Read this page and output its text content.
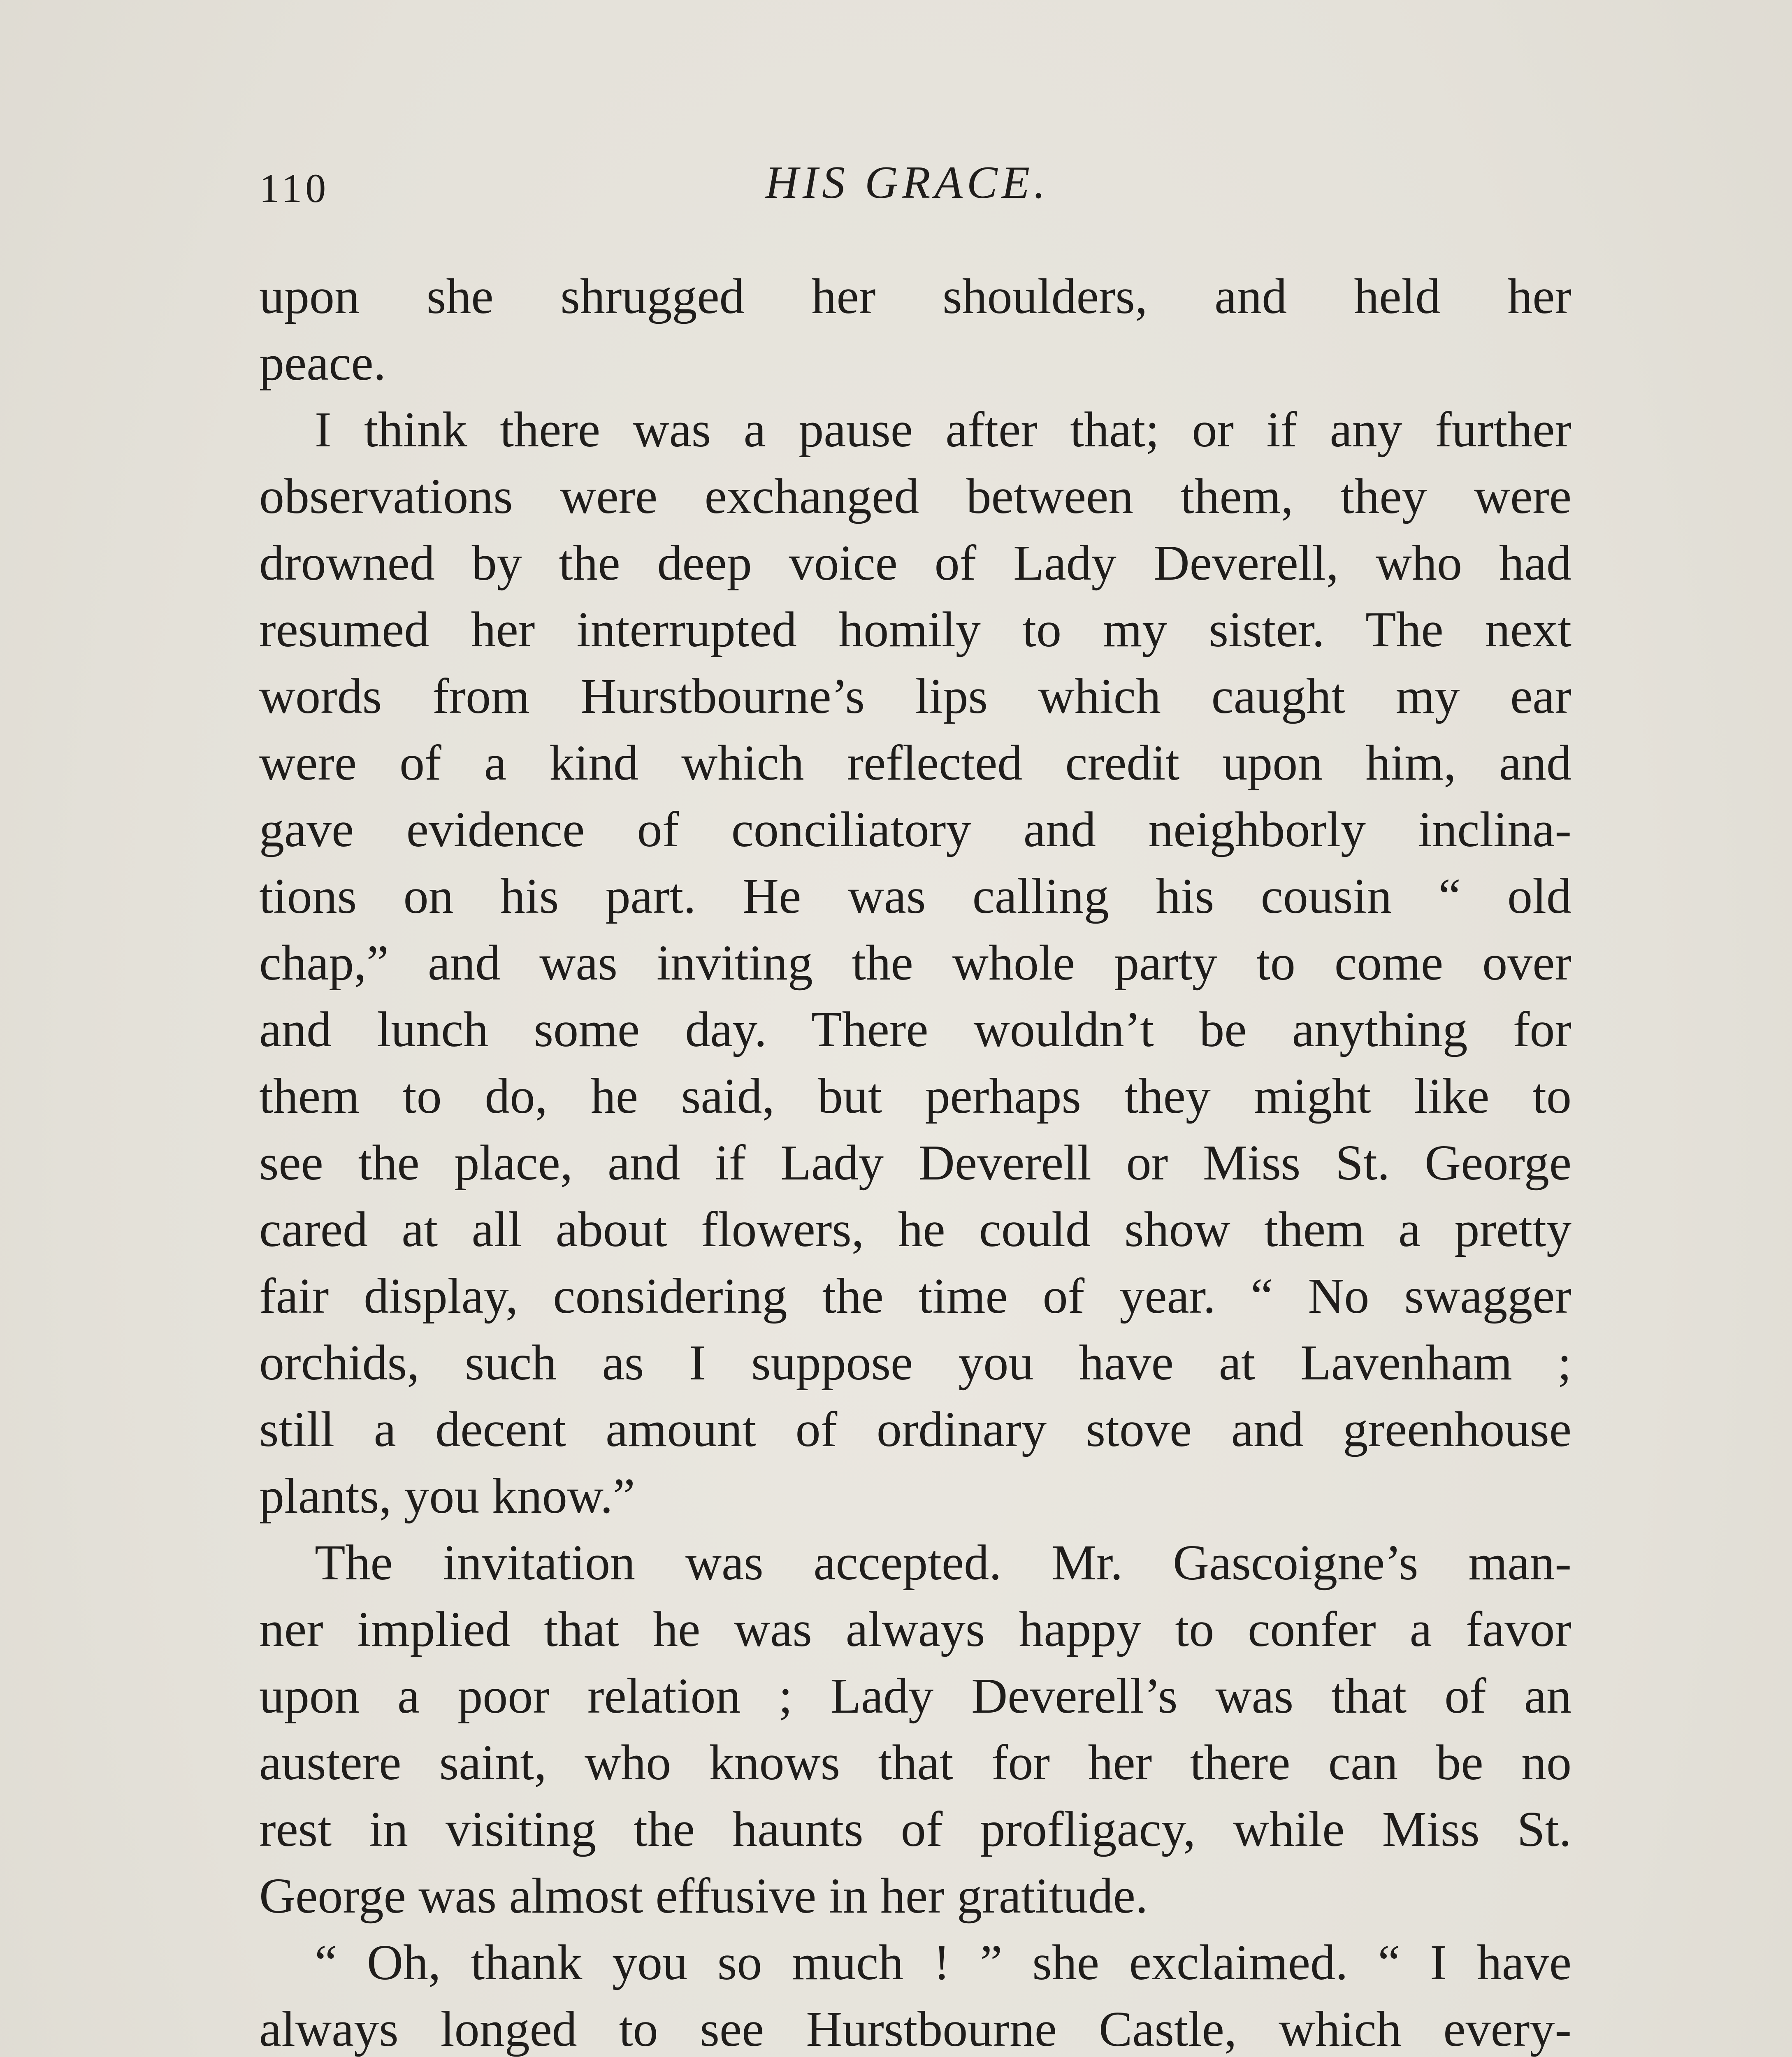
110	HIS GRACE.
upon she shrugged her shoulders, and held her
peace.
I think there was a pause after that; or if any further
observations were exchanged between them, they were
drowned by the deep voice of Lady Deverell, who had
resumed her interrupted homily to my sister. The next
words from Hurstbourne’s lips which caught my ear
were of a kind which reflected credit upon him, and
gave evidence of conciliatory and neighborly inclina-
tions on his part. He was calling his cousin “ old
chap,” and was inviting the whole party to come over
and lunch some day. There wouldn’t be anything for
them to do, he said, but perhaps they might like to
see the place, and if Lady Deverell or Miss St. George
cared at all about flowers, he could show them a pretty
fair display, considering the time of year. “ No swagger
orchids, such as I suppose you have at Lavenham ;
still a decent amount of ordinary stove and greenhouse
plants, you know.”
The invitation was accepted. Mr. Gascoigne’s man-
ner implied that he was always happy to confer a favor
upon a poor relation ; Lady Deverell’s was that of an
austere saint, who knows that for her there can be no
rest in visiting the haunts of profligacy, while Miss St.
George was almost effusive in her gratitude.
“ Oh, thank you so much ! ” she exclaimed. “ I have
always longed to see Hurstbourne Castle, which every-
